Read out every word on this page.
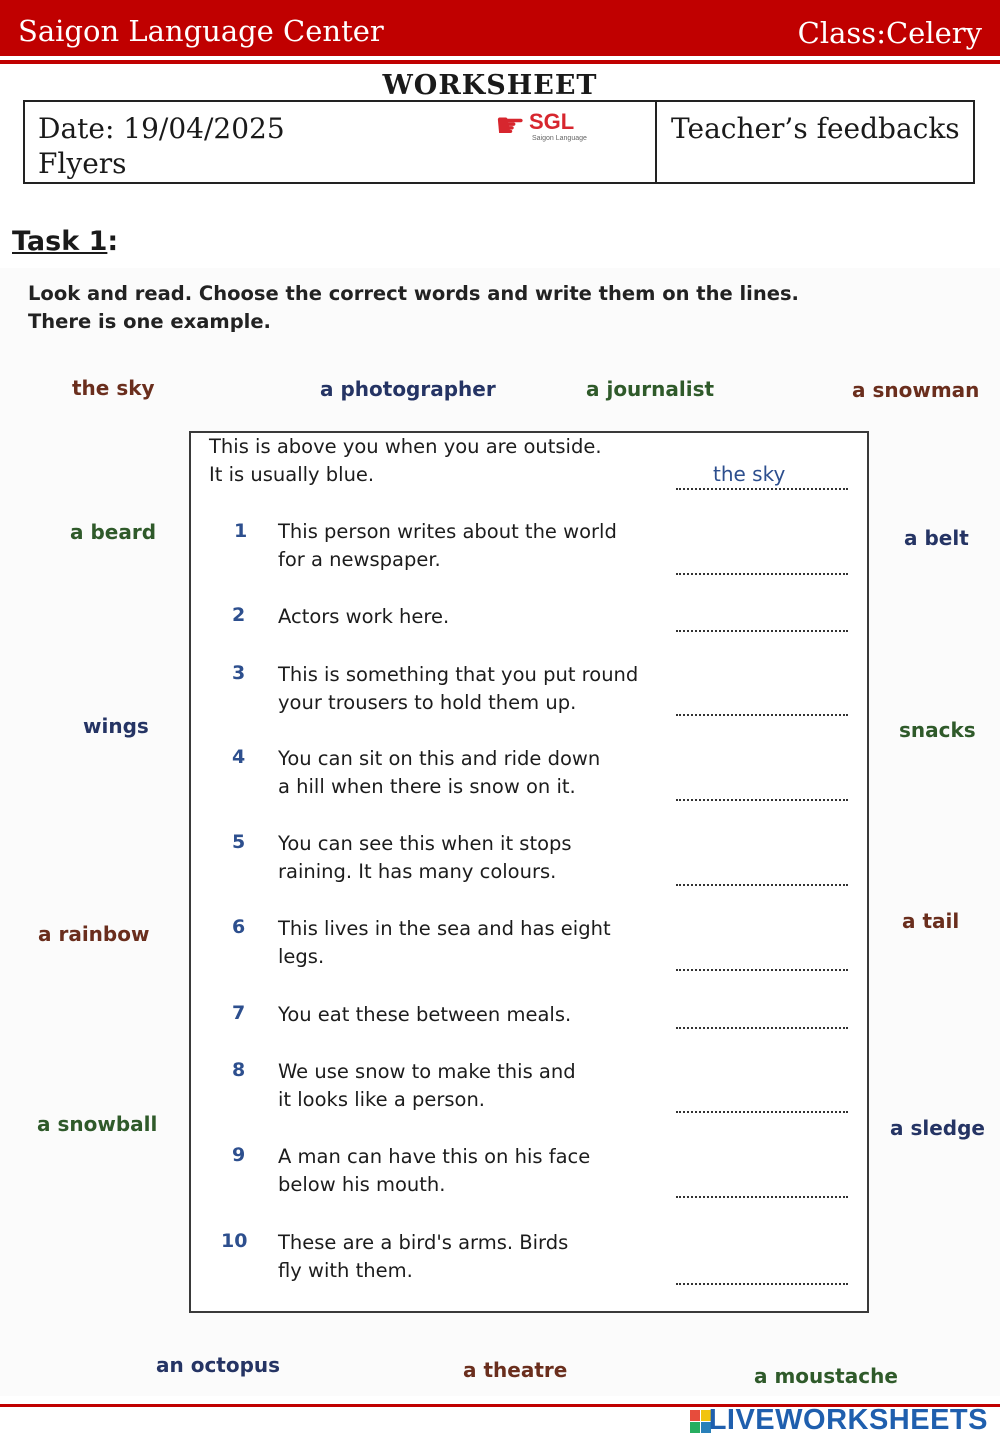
Saigon Language Center	Class:Celery
WORKSHEET
Date: 19/04/2025
Flyers
☛ SGL
Saigon Language	Teacher’s feedbacks
Task 1:
Look and read. Choose the correct words and write them on the lines.
There is one example.
the sky	a photographer	a journalist	a snowman
a beard	a belt
wings	snacks
a rainbow
a tail
a snowball	a sledge
an octopus	a theatre	a moustache
This is above you when you are outside.
It is usually blue.	the sky
1 This person writes about the world
for a newspaper.
2 Actors work here.
3 This is something that you put round
your trousers to hold them up.
4 You can sit on this and ride down
a hill when there is snow on it.
5 You can see this when it stops
raining. It has many colours.
6 This lives in the sea and has eight
legs.
7 You eat these between meals.
8 We use snow to make this and
it looks like a person.
9 A man can have this on his face
below his mouth.
10 These are a bird's arms. Birds
fly with them.
LIVEWORKSHEETS
